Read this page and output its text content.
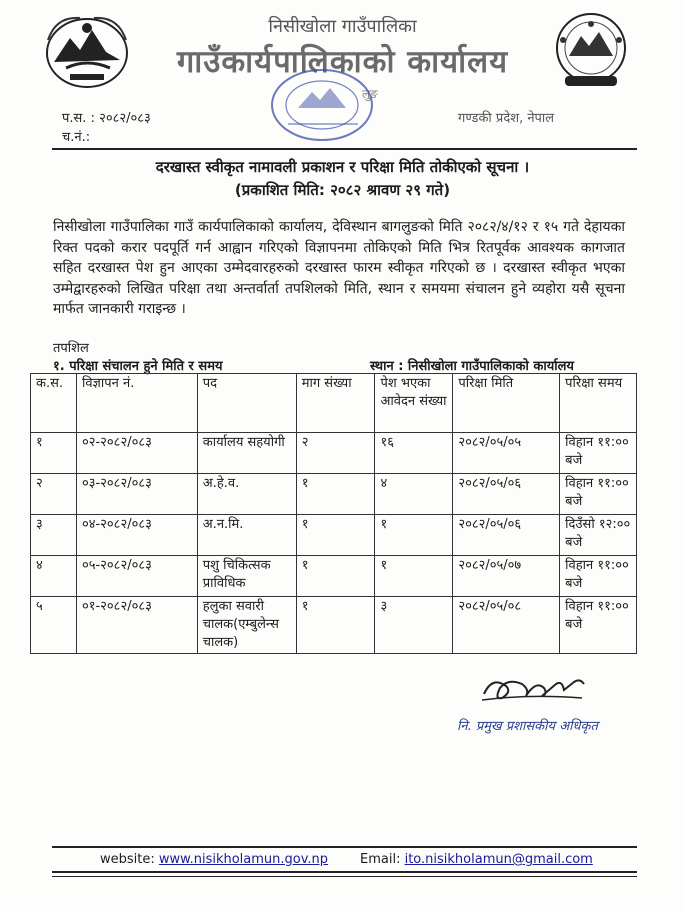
निसीखोला गाउँपालिका
गाउँकार्यपालिकाको कार्यालय
लुङ
प.स. : २०८२/०८३
च.नं.:
गण्डकी प्रदेश, नेपाल
दरखास्त स्वीकृत नामावली प्रकाशन र परिक्षा मिति तोकीएको सूचना ।
(प्रकाशित मिति: २०८२ श्रावण २९ गते)
निसीखोला गाउँपालिका गाउँ कार्यपालिकाको कार्यालय, देविस्थान बागलुङको मिति २०८२/४/१२ र १५ गते देहायका रिक्त पदको करार पदपूर्ति गर्न आह्वान गरिएको विज्ञापनमा तोकिएको मिति भित्र रितपूर्वक आवश्यक कागजात सहित दरखास्त पेश हुन आएका उम्मेदवारहरुको दरखास्त फारम स्वीकृत गरिएको छ । दरखास्त स्वीकृत भएका उम्मेद्वारहरुको लिखित परिक्षा तथा अन्तर्वार्ता तपशिलको मिति, स्थान र समयमा संचालन हुने व्यहोरा यसै सूचना मार्फत जानकारी गराइन्छ ।
तपशिल
१. परिक्षा संचालन हुने मिति र समय	स्थान : निसीखोला गाउँपालिकाको कार्यालय
क.स.	विज्ञापन नं.	पद	माग संख्या	पेश भएका आवेदन संख्या	परिक्षा मिति	परिक्षा समय
१	०२-२०८२/०८३	कार्यालय सहयोगी	२	१६	२०८२/०५/०५	विहान ११:०० बजे
२	०३-२०८२/०८३	अ.हे.व.	१	४	२०८२/०५/०६	विहान ११:०० बजे
३	०४-२०८२/०८३	अ.न.मि.	१	१	२०८२/०५/०६	दिउँसो १२:०० बजे
४	०५-२०८२/०८३	पशु चिकित्सक प्राविधिक	१	१	२०८२/०५/०७	विहान ११:०० बजे
५	०१-२०८२/०८३	हलुका सवारी चालक(एम्बुलेन्स चालक)	१	३	२०८२/०५/०८	विहान ११:०० बजे
नि. प्रमुख प्रशासकीय अधिकृत
website: www.nisikholamun.gov.np Email: ito.nisikholamun@gmail.com
